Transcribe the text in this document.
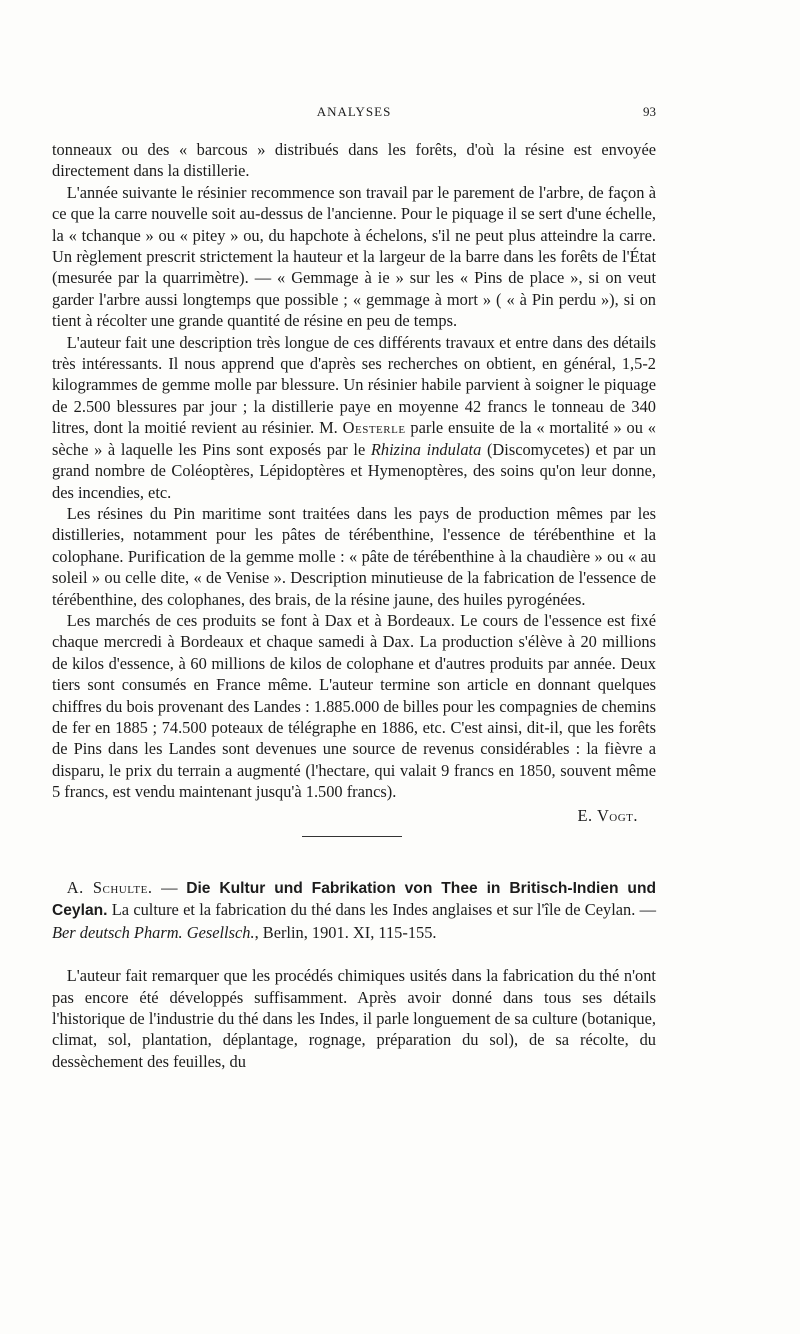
ANALYSES	93

tonneaux ou des « barcous » distribués dans les forêts, d'où la résine est envoyée directement dans la distillerie.

L'année suivante le résinier recommence son travail par le parement de l'arbre, de façon à ce que la carre nouvelle soit au-dessus de l'ancienne. Pour le piquage il se sert d'une échelle, la « tchanque » ou « pitey » ou, du hapchote à échelons, s'il ne peut plus atteindre la carre. Un règlement prescrit strictement la hauteur et la largeur de la barre dans les forêts de l'État (mesurée par la quarrimètre). — « Gemmage à ie » sur les « Pins de place », si on veut garder l'arbre aussi longtemps que possible ; « gemmage à mort » ( « à Pin perdu »), si on tient à récolter une grande quantité de résine en peu de temps.

L'auteur fait une description très longue de ces différents travaux et entre dans des détails très intéressants. Il nous apprend que d'après ses recherches on obtient, en général, 1,5-2 kilogrammes de gemme molle par blessure. Un résinier habile parvient à soigner le piquage de 2.500 blessures par jour ; la distillerie paye en moyenne 42 francs le tonneau de 340 litres, dont la moitié revient au résinier. M. Oesterle parle ensuite de la « mortalité » ou « sèche » à laquelle les Pins sont exposés par le Rhizina indulata (Discomycetes) et par un grand nombre de Coléoptères, Lépidoptères et Hymenoptères, des soins qu'on leur donne, des incendies, etc.

Les résines du Pin maritime sont traitées dans les pays de production mêmes par les distilleries, notamment pour les pâtes de térébenthine, l'essence de térébenthine et la colophane. Purification de la gemme molle : « pâte de térébenthine à la chaudière » ou « au soleil » ou celle dite, « de Venise ». Description minutieuse de la fabrication de l'essence de térébenthine, des colophanes, des brais, de la résine jaune, des huiles pyrogénées.

Les marchés de ces produits se font à Dax et à Bordeaux. Le cours de l'essence est fixé chaque mercredi à Bordeaux et chaque samedi à Dax. La production s'élève à 20 millions de kilos d'essence, à 60 millions de kilos de colophane et d'autres produits par année. Deux tiers sont consumés en France même. L'auteur termine son article en donnant quelques chiffres du bois provenant des Landes : 1.885.000 de billes pour les compagnies de chemins de fer en 1885 ; 74.500 poteaux de télégraphe en 1886, etc. C'est ainsi, dit-il, que les forêts de Pins dans les Landes sont devenues une source de revenus considérables : la fièvre a disparu, le prix du terrain a augmenté (l'hectare, qui valait 9 francs en 1850, souvent même 5 francs, est vendu maintenant jusqu'à 1.500 francs).

E. Vogt.

A. Schulte. — Die Kultur und Fabrikation von Thee in Britisch-Indien und Ceylan. La culture et la fabrication du thé dans les Indes anglaises et sur l'île de Ceylan. — Ber deutsch Pharm. Gesellsch., Berlin, 1901. XI, 115-155.

L'auteur fait remarquer que les procédés chimiques usités dans la fabrication du thé n'ont pas encore été développés suffisamment. Après avoir donné dans tous ses détails l'historique de l'industrie du thé dans les Indes, il parle longuement de sa culture (botanique, climat, sol, plantation, déplantage, rognage, préparation du sol), de sa récolte, du dessèchement des feuilles, du
